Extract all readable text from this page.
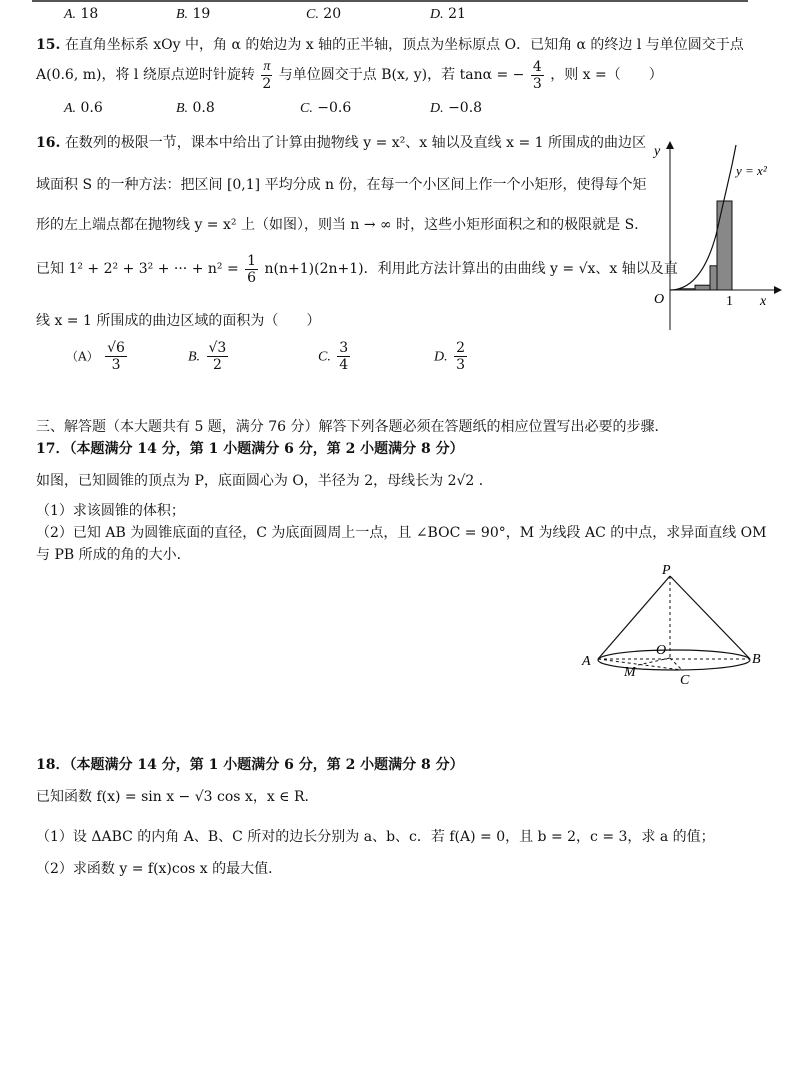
A. 18	B. 19	C. 20	D. 21
15. 在直角坐标系 xOy 中，角 α 的始边为 x 轴的正半轴，顶点为坐标原点 O．已知角 α 的终边 l 与单位圆交于点
A(0.6, m)，将 l 绕原点逆时针旋转 $\frac{\pi}{2}$ 与单位圆交于点 B(x, y)，若 tanα = − $\frac{4}{3}$ ，则 x =（　　）
A. 0.6	B. 0.8	C. −0.6	D. −0.8
16. 在数列的极限一节，课本中给出了计算由抛物线 y = x²、x 轴以及直线 x = 1 所围成的曲边区
域面积 S 的一种方法：把区间 [0,1] 平均分成 n 份，在每一个小区间上作一个小矩形，使得每个矩
形的左上端点都在抛物线 y = x² 上（如图），则当 n → ∞ 时，这些小矩形面积之和的极限就是 S．
已知 1² + 2² + 3² + ··· + $n^2 = \frac{1}{6} n(n+1)(2n+1)$．利用此方法计算出的由曲线 y = √x、x 轴以及直
线 x = 1 所围成的曲边区域的面积为（　　）
$(A) \frac{√6}{3}$	B. $\frac{√3}{2}$	C. $\frac{3}{4}$	D. $\frac{2}{3}$
y
x
O	1
y = x²
三、解答题（本大题共有 5 题，满分 76 分）解答下列各题必须在答题纸的相应位置写出必要的步骤．
17．（本题满分 14 分，第 1 小题满分 6 分，第 2 小题满分 8 分）
如图，已知圆锥的顶点为 P，底面圆心为 O，半径为 2，母线长为 2√2 ．
（1）求该圆锥的体积；
（2）已知 AB 为圆锥底面的直径，C 为底面圆周上一点，且 ∠BOC = 90°，M 为线段 AC 的中点，求异面直线 OM
与 PB 所成的角的大小．
P
O
A	B
M
C
18．（本题满分 14 分，第 1 小题满分 6 分，第 2 小题满分 8 分）
已知函数 f(x) = sin x − √3 cos x，x ∈ R．
（1）设 ΔABC 的内角 A、B、C 所对的边长分别为 a、b、c．若 f(A) = 0，且 b = 2，c = 3，求 a 的值；
（2）求函数 y = f(x)cos x 的最大值．
